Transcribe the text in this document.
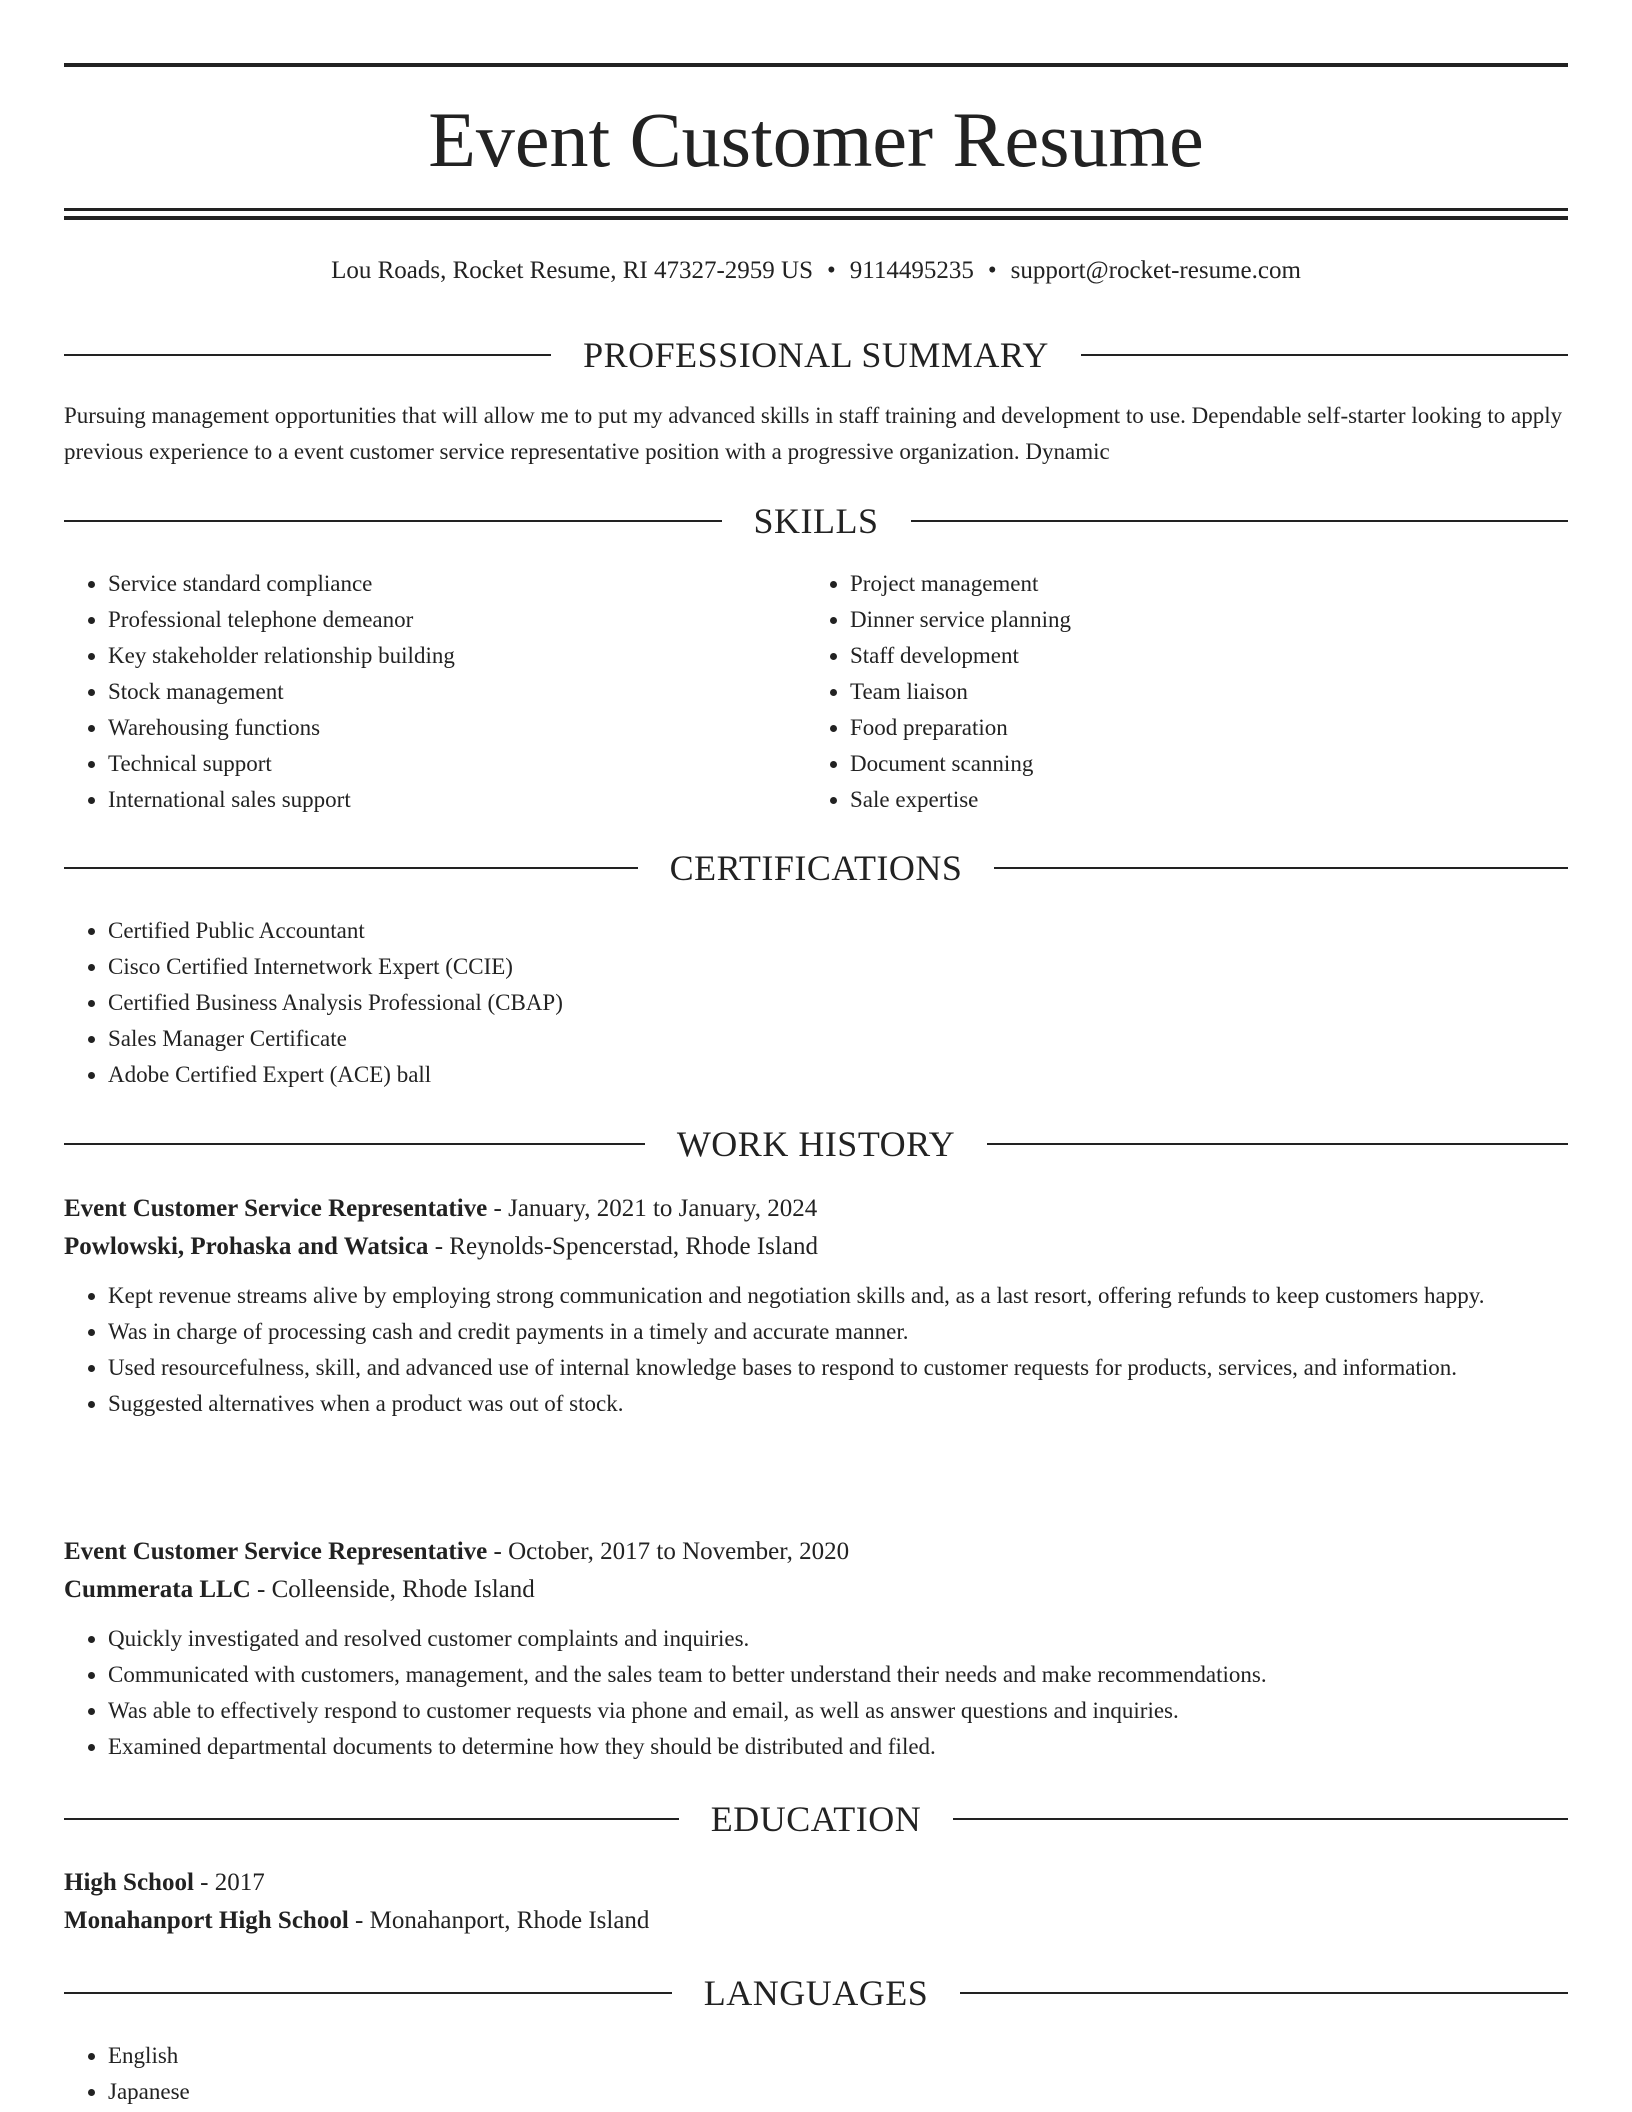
Event Customer Resume
Lou Roads, Rocket Resume, RI 47327-2959 US • 9114495235 • support@rocket-resume.com
PROFESSIONAL SUMMARY
Pursuing management opportunities that will allow me to put my advanced skills in staff training and development to use. Dependable self-starter looking to apply previous experience to a event customer service representative position with a progressive organization. Dynamic
SKILLS
• Service standard compliance
• Professional telephone demeanor
• Key stakeholder relationship building
• Stock management
• Warehousing functions
• Technical support
• International sales support
• Project management
• Dinner service planning
• Staff development
• Team liaison
• Food preparation
• Document scanning
• Sale expertise
CERTIFICATIONS
• Certified Public Accountant
• Cisco Certified Internetwork Expert (CCIE)
• Certified Business Analysis Professional (CBAP)
• Sales Manager Certificate
• Adobe Certified Expert (ACE) ball
WORK HISTORY
Event Customer Service Representative - January, 2021 to January, 2024
Powlowski, Prohaska and Watsica - Reynolds-Spencerstad, Rhode Island
• Kept revenue streams alive by employing strong communication and negotiation skills and, as a last resort, offering refunds to keep customers happy.
• Was in charge of processing cash and credit payments in a timely and accurate manner.
• Used resourcefulness, skill, and advanced use of internal knowledge bases to respond to customer requests for products, services, and information.
• Suggested alternatives when a product was out of stock.
Event Customer Service Representative - October, 2017 to November, 2020
Cummerata LLC - Colleenside, Rhode Island
• Quickly investigated and resolved customer complaints and inquiries.
• Communicated with customers, management, and the sales team to better understand their needs and make recommendations.
• Was able to effectively respond to customer requests via phone and email, as well as answer questions and inquiries.
• Examined departmental documents to determine how they should be distributed and filed.
EDUCATION
High School - 2017
Monahanport High School - Monahanport, Rhode Island
LANGUAGES
• English
• Japanese
